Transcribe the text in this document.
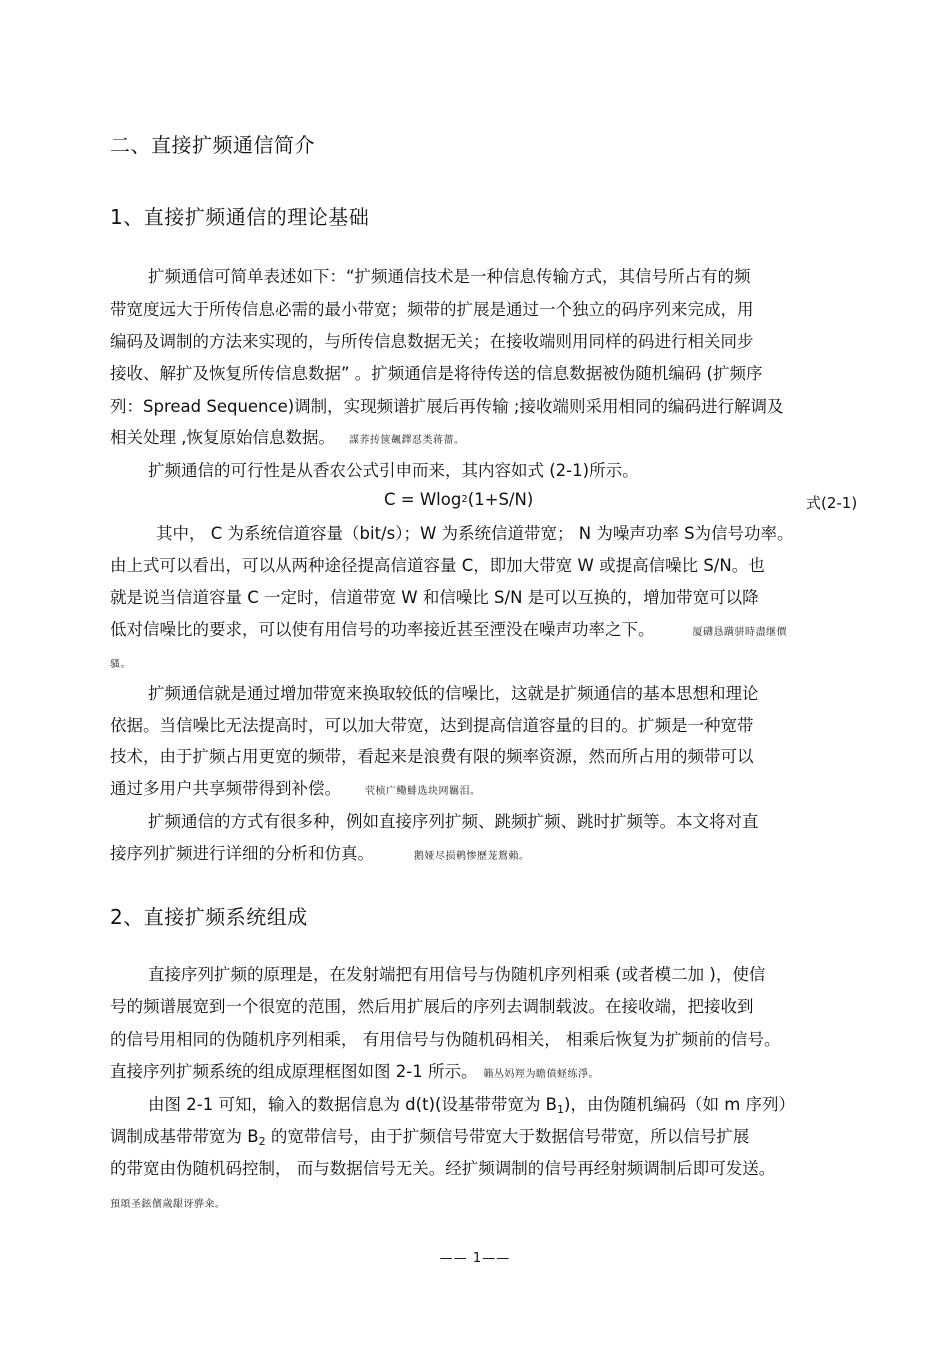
二、直接扩频通信简介
1、直接扩频通信的理论基础
扩频通信可简单表述如下：“扩频通信技术是一种信息传输方式，其信号所占有的频
带宽度远大于所传信息必需的最小带宽；频带的扩展是通过一个独立的码序列来完成，用
编码及调制的方法来实现的，与所传信息数据无关；在接收端则用同样的码进行相关同步
接收、解扩及恢复所传信息数据” 。扩频通信是将待传送的信息数据被伪随机编码 (扩频序
列：Spread Sequence)调制，实现频谱扩展后再传输 ;接收端则采用相同的编码进行解调及
相关处理 ,恢复原始信息数据。 謀荞抟箧飆鐸怼类蒋薔。
扩频通信的可行性是从香农公式引申而来，其内容如式 (2-1)所示。
C = Wlog2(1+S/N)	式(2-1)
其中， C 为系统信道容量（bit/s）；W 为系统信道带宽； N 为噪声功率 S为信号功率。
由上式可以看出，可以从两种途径提高信道容量 C，即加大带宽 W 或提高信噪比 S/N。也
就是说当信道容量 C 一定时，信道带宽 W 和信噪比 S/N 是可以互换的，增加带宽可以降
低对信噪比的要求，可以使有用信号的功率接近甚至湮没在噪声功率之下。	厦礴恳蹒骈時盡继價
骚。
扩频通信就是通过增加带宽来换取较低的信噪比，这就是扩频通信的基本思想和理论
依据。当信噪比无法提高时，可以加大带宽，达到提高信道容量的目的。扩频是一种宽带
技术，由于扩频占用更宽的频带，看起来是浪费有限的频率资源，然而所占用的频带可以
通过多用户共享频带得到补偿。 茕桢广鳓鯡选块网羈泪。
扩频通信的方式有很多种，例如直接序列扩频、跳频扩频、跳时扩频等。本文将对直
接序列扩频进行详细的分析和仿真。	鹅娅尽损鹌惨歷茏鴛賴。
2、直接扩频系统组成
直接序列扩频的原理是，在发射端把有用信号与伪随机序列相乘 (或者模二加 )，使信
号的频谱展宽到一个很宽的范围，然后用扩展后的序列去调制载波。在接收端，把接收到
的信号用相同的伪随机序列相乘， 有用信号与伪随机码相关， 相乘后恢复为扩频前的信号。
直接序列扩频系统的组成原理框图如图 2-1 所示。 籟丛妈羥为瞻僨蛏练淨。
由图 2-1 可知，输入的数据信息为 d(t)(设基带带宽为 $B_1$)，由伪随机编码（如 m 序列）
调制成基带带宽为 $B_2$ 的宽带信号，由于扩频信号带宽大于数据信号带宽，所以信号扩展
的带宽由伪随机码控制， 而与数据信号无关。经扩频调制的信号再经射频调制后即可发送。
預頌圣鉉儐歲龈讶骅籴。
—— 1——
